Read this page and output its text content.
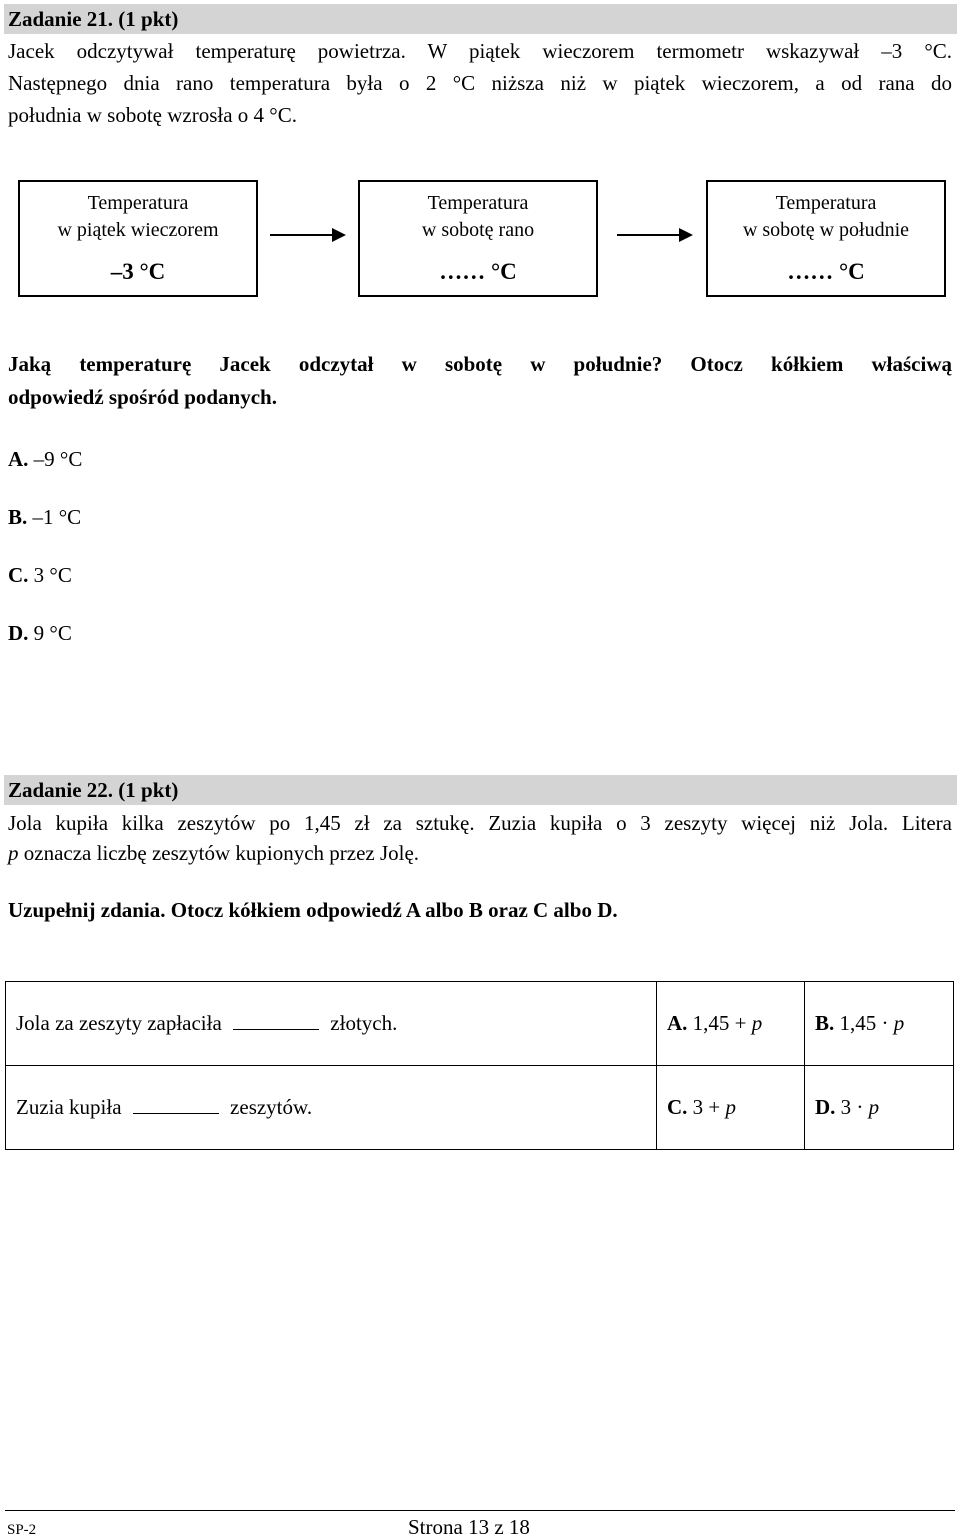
Zadanie 21. (1 pkt)
Jacek odczytywał temperaturę powietrza. W piątek wieczorem termometr wskazywał –3 °C.
Następnego dnia rano temperatura była o 2 °C niższa niż w piątek wieczorem, a od rana do
południa w sobotę wzrosła o 4 °C.
Temperatura
w piątek wieczorem
–3 °C
Temperatura
w sobotę rano
…… °C
Temperatura
w sobotę w południe
…… °C
Jaką temperaturę Jacek odczytał w sobotę w południe? Otocz kółkiem właściwą
odpowiedź spośród podanych.
A. –9 °C
B. –1 °C
C. 3 °C
D. 9 °C
Zadanie 22. (1 pkt)
Jola kupiła kilka zeszytów po 1,45 zł za sztukę. Zuzia kupiła o 3 zeszyty więcej niż Jola. Litera
p oznacza liczbę zeszytów kupionych przez Jolę.
Uzupełnij zdania. Otocz kółkiem odpowiedź A albo B oraz C albo D.
Jola za zeszyty zapłaciła złotych.	A. 1,45 + p	B. 1,45 · p
Zuzia kupiła zeszytów.	C. 3 + p	D. 3 · p
SP-2	Strona 13 z 18
